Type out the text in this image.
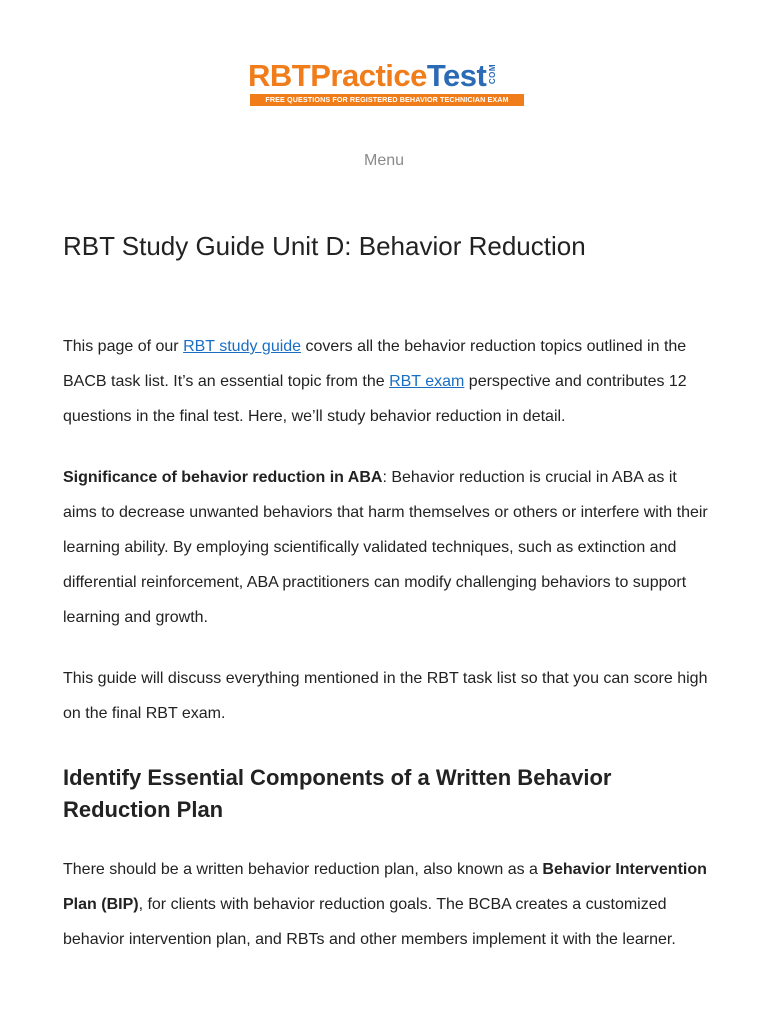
RBT Practice Test COM
FREE QUESTIONS FOR REGISTERED BEHAVIOR TECHNICIAN EXAM
Menu
RBT Study Guide Unit D: Behavior Reduction

This page of our RBT study guide covers all the behavior reduction topics outlined in the BACB task list. It’s an essential topic from the RBT exam perspective and contributes 12 questions in the final test. Here, we’ll study behavior reduction in detail.

Significance of behavior reduction in ABA: Behavior reduction is crucial in ABA as it aims to decrease unwanted behaviors that harm themselves or others or interfere with their learning ability. By employing scientifically validated techniques, such as extinction and differential reinforcement, ABA practitioners can modify challenging behaviors to support learning and growth.

This guide will discuss everything mentioned in the RBT task list so that you can score high on the final RBT exam.

Identify Essential Components of a Written Behavior Reduction Plan

There should be a written behavior reduction plan, also known as a Behavior Intervention Plan (BIP), for clients with behavior reduction goals. The BCBA creates a customized behavior intervention plan, and RBTs and other members implement it with the learner.
